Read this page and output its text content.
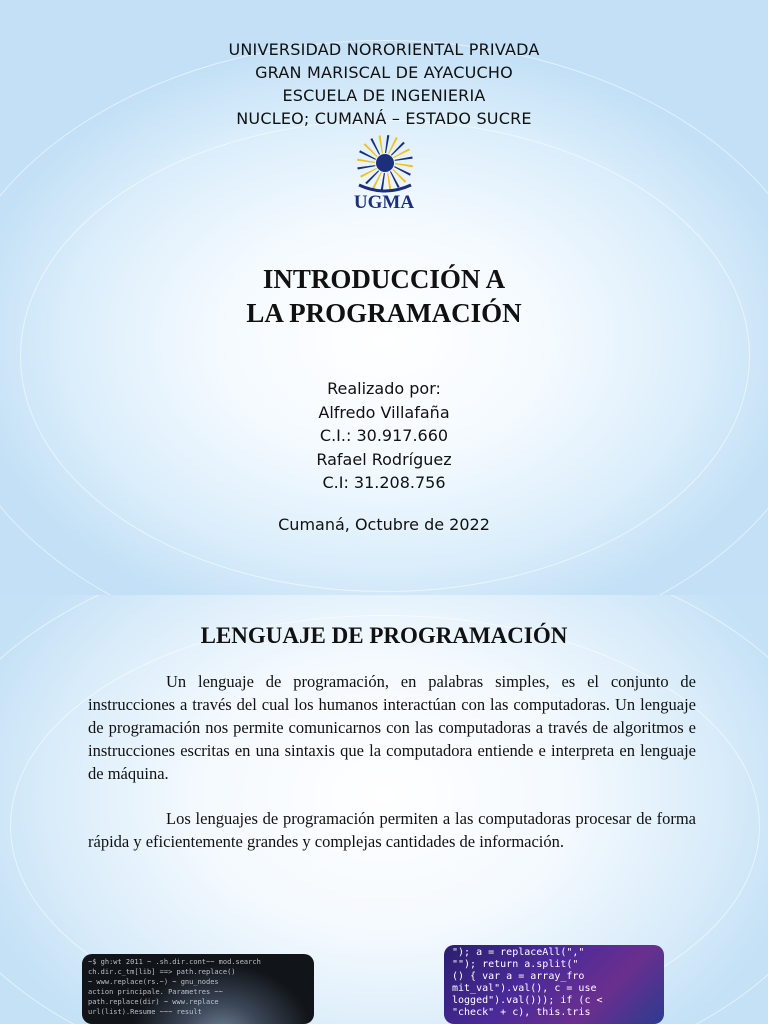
UNIVERSIDAD NORORIENTAL PRIVADA
GRAN MARISCAL DE AYACUCHO
ESCUELA DE INGENIERIA
NUCLEO; CUMANÁ – ESTADO SUCRE
UGMA
INTRODUCCIÓN A
LA PROGRAMACIÓN
Realizado por:
Alfredo Villafaña
C.I.: 30.917.660
Rafael Rodríguez
C.I: 31.208.756
Cumaná, Octubre de 2022
LENGUAJE DE PROGRAMACIÓN

Un lenguaje de programación, en palabras simples, es el conjunto de instrucciones a través del cual los humanos interactúan con las computadoras. Un lenguaje de programación nos permite comunicarnos con las computadoras a través de algoritmos e instrucciones escritas en una sintaxis que la computadora entiende e interpreta en lenguaje de máquina.

Los lenguajes de programación permiten a las computadoras procesar de forma rápida y eficientemente grandes y complejas cantidades de información.

~$ gh:wt 2011 ~ .sh.dir.cont~~ mod.search
ch.dir.c_tm[lib] ==> path.replace()
~ www.replace(rs.~) ~ gnu_nodes
action principale. Parametres ~~
path.replace(dir) ~ www.replace
url(list).Resume ~~~ result
"); a = replaceAll(","
""); return a.split("
() { var a = array_fro
mit_val").val(), c = use
logged").val())); if (c <
"check" + c), this.tris
